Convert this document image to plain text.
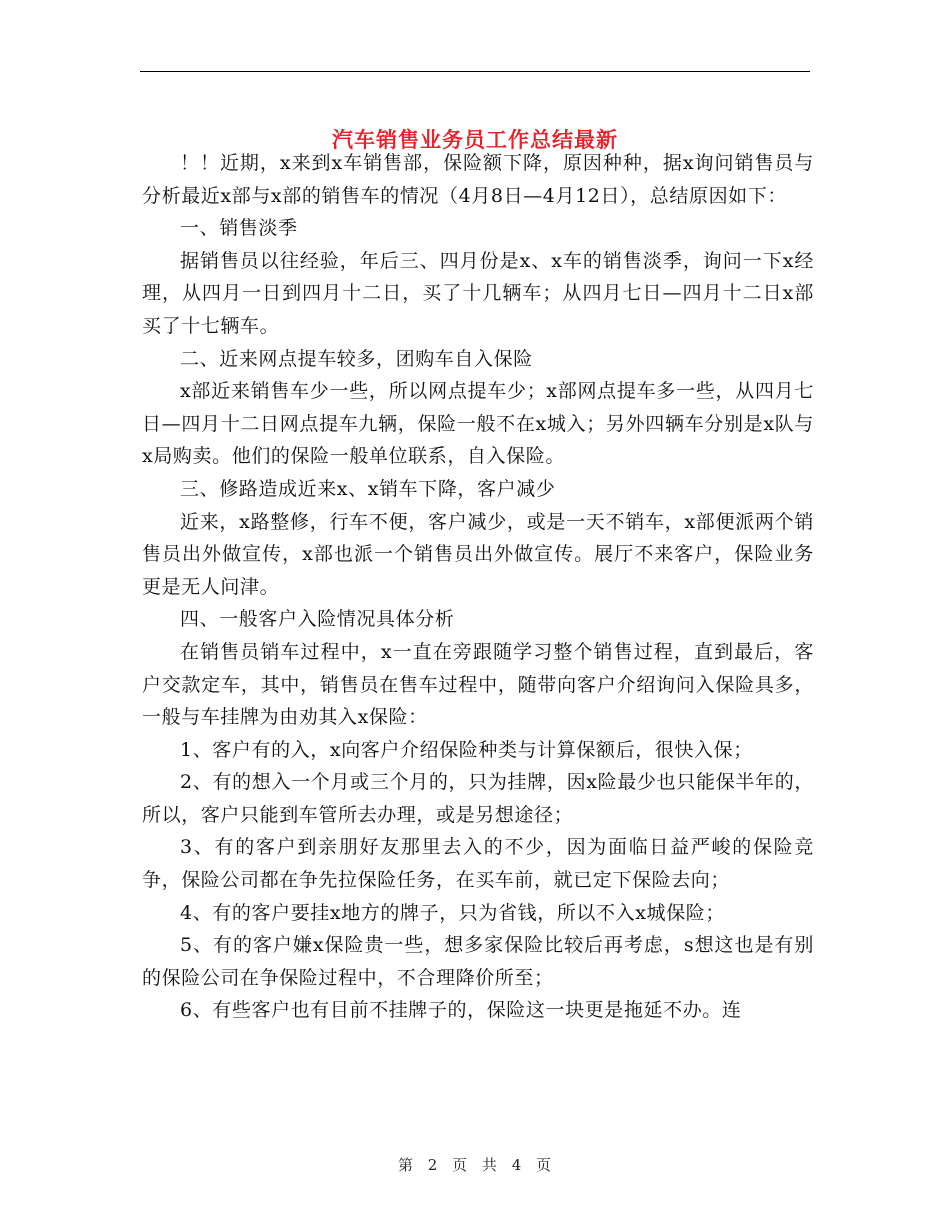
汽车销售业务员工作总结最新

！！近期，x来到x车销售部，保险额下降，原因种种，据x询问销售员与分析最近x部与x部的销售车的情况（4月8日—4月12日），总结原因如下：

一、销售淡季

据销售员以往经验，年后三、四月份是x、x车的销售淡季，询问一下x经理，从四月一日到四月十二日，买了十几辆车；从四月七日—四月十二日x部买了十七辆车。

二、近来网点提车较多，团购车自入保险

x部近来销售车少一些，所以网点提车少；x部网点提车多一些，从四月七日—四月十二日网点提车九辆，保险一般不在x城入；另外四辆车分别是x队与x局购卖。他们的保险一般单位联系，自入保险。

三、修路造成近来x、x销车下降，客户减少

近来，x路整修，行车不便，客户减少，或是一天不销车，x部便派两个销售员出外做宣传，x部也派一个销售员出外做宣传。展厅不来客户，保险业务更是无人问津。

四、一般客户入险情况具体分析

在销售员销车过程中，x一直在旁跟随学习整个销售过程，直到最后，客户交款定车，其中，销售员在售车过程中，随带向客户介绍询问入保险具多，一般与车挂牌为由劝其入x保险：

1、客户有的入，x向客户介绍保险种类与计算保额后，很快入保；

2、有的想入一个月或三个月的，只为挂牌，因x险最少也只能保半年的，所以，客户只能到车管所去办理，或是另想途径；

3、有的客户到亲朋好友那里去入的不少，因为面临日益严峻的保险竞争，保险公司都在争先拉保险任务，在买车前，就已定下保险去向；

4、有的客户要挂x地方的牌子，只为省钱，所以不入x城保险；

5、有的客户嫌x保险贵一些，想多家保险比较后再考虑，s想这也是有别的保险公司在争保险过程中，不合理降价所至；

6、有些客户也有目前不挂牌子的，保险这一块更是拖延不办。连

第 2 页 共 4 页
